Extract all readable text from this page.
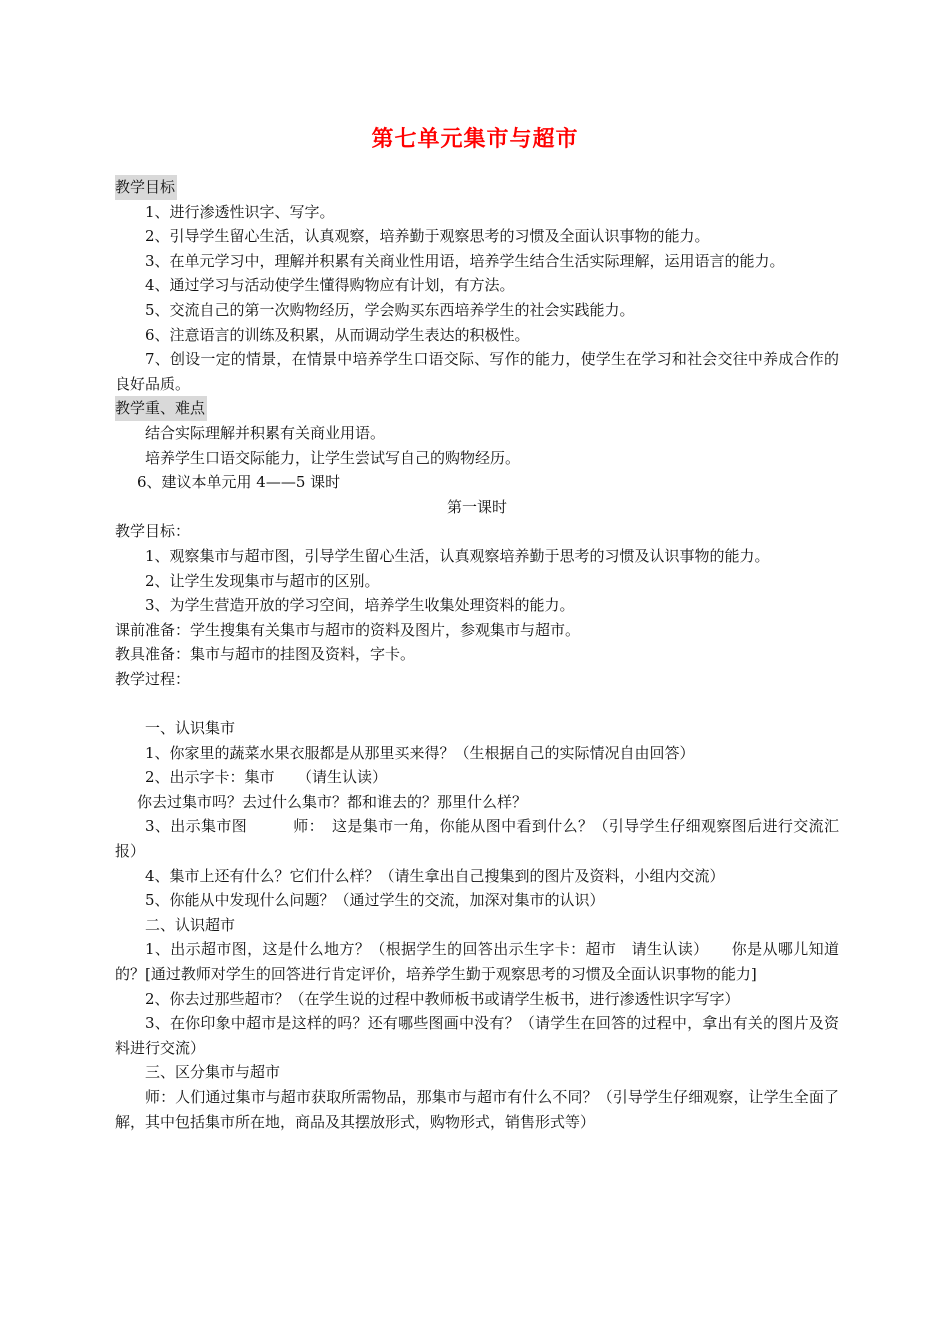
第七单元集市与超市

教学目标

1、进行渗透性识字、写字。

2、引导学生留心生活，认真观察，培养勤于观察思考的习惯及全面认识事物的能力。

3、在单元学习中，理解并积累有关商业性用语，培养学生结合生活实际理解，运用语言的能力。

4、通过学习与活动使学生懂得购物应有计划，有方法。

5、交流自己的第一次购物经历，学会购买东西培养学生的社会实践能力。

6、注意语言的训练及积累，从而调动学生表达的积极性。

7、创设一定的情景，在情景中培养学生口语交际、写作的能力，使学生在学习和社会交往中养成合作的良好品质。

教学重、难点

结合实际理解并积累有关商业用语。

培养学生口语交际能力，让学生尝试写自己的购物经历。

6、建议本单元用 4——5 课时

第一课时

教学目标：

1、观察集市与超市图，引导学生留心生活，认真观察培养勤于思考的习惯及认识事物的能力。

2、让学生发现集市与超市的区别。

3、为学生营造开放的学习空间，培养学生收集处理资料的能力。

课前准备：学生搜集有关集市与超市的资料及图片，参观集市与超市。

教具准备：集市与超市的挂图及资料，字卡。

教学过程：

一、认识集市

1、你家里的蔬菜水果衣服都是从那里买来得？（生根据自己的实际情况自由回答）

2、出示字卡：集市　　（请生认读）

你去过集市吗？去过什么集市？都和谁去的？那里什么样？

3、出示集市图　　　师：　这是集市一角，你能从图中看到什么？（引导学生仔细观察图后进行交流汇报）

4、集市上还有什么？它们什么样？（请生拿出自己搜集到的图片及资料，小组内交流）

5、你能从中发现什么问题？（通过学生的交流，加深对集市的认识）

二、认识超市

1、出示超市图，这是什么地方？（根据学生的回答出示生字卡：超市　请生认读）　　你是从哪儿知道的？[通过教师对学生的回答进行肯定评价，培养学生勤于观察思考的习惯及全面认识事物的能力]

2、你去过那些超市？（在学生说的过程中教师板书或请学生板书，进行渗透性识字写字）

3、在你印象中超市是这样的吗？还有哪些图画中没有？（请学生在回答的过程中，拿出有关的图片及资料进行交流）

三、区分集市与超市

师：人们通过集市与超市获取所需物品，那集市与超市有什么不同？（引导学生仔细观察，让学生全面了解，其中包括集市所在地，商品及其摆放形式，购物形式，销售形式等）
